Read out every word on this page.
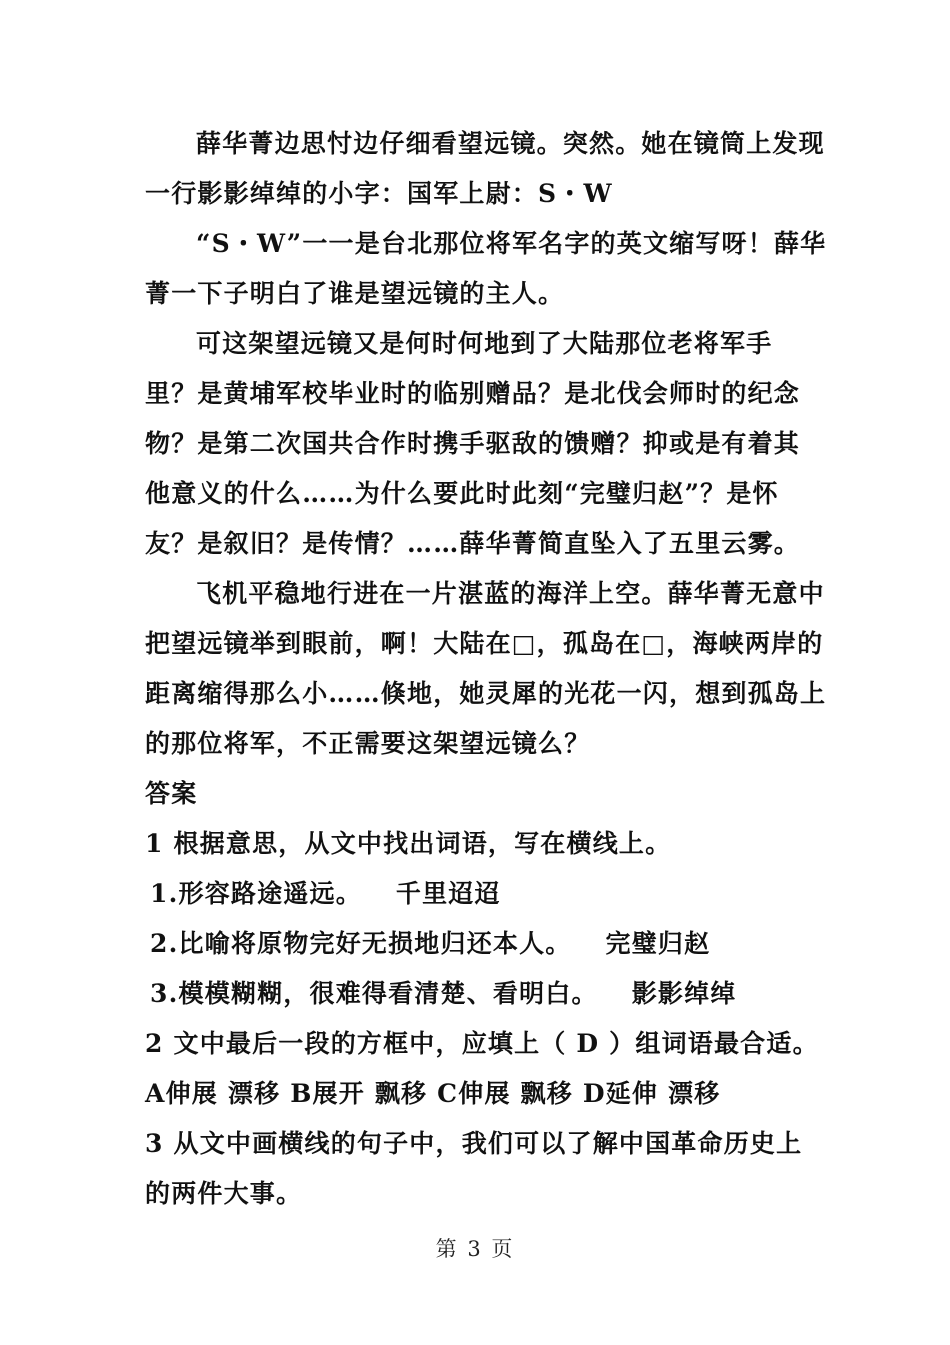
薛华菁边思忖边仔细看望远镜。突然。她在镜筒上发现
一行影影绰绰的小字：国军上尉：S・W
“S・W”一一是台北那位将军名字的英文缩写呀！薛华
菁一下子明白了谁是望远镜的主人。
可这架望远镜又是何时何地到了大陆那位老将军手
里？是黄埔军校毕业时的临别赠品？是北伐会师时的纪念
物？是第二次国共合作时携手驱敌的馈赠？抑或是有着其
他意义的什么……为什么要此时此刻“完璧归赵”？是怀
友？是叙旧？是传情？……薛华菁简直坠入了五里云雾。
飞机平稳地行进在一片湛蓝的海洋上空。薛华菁无意中
把望远镜举到眼前，啊！大陆在□，孤岛在□，海峡两岸的
距离缩得那么小……倏地，她灵犀的光花一闪，想到孤岛上
的那位将军，不正需要这架望远镜么？
答案
1 根据意思，从文中找出词语，写在横线上。
1.形容路途遥远。 千里迢迢
2.比喻将原物完好无损地归还本人。 完璧归赵
3.模模糊糊，很难得看清楚、看明白。 影影绰绰
2 文中最后一段的方框中，应填上（ D ）组词语最合适。
A伸展 漂移 B展开 飘移 C伸展 飘移 D延伸 漂移
3 从文中画横线的句子中，我们可以了解中国革命历史上
的两件大事。
第 3 页
